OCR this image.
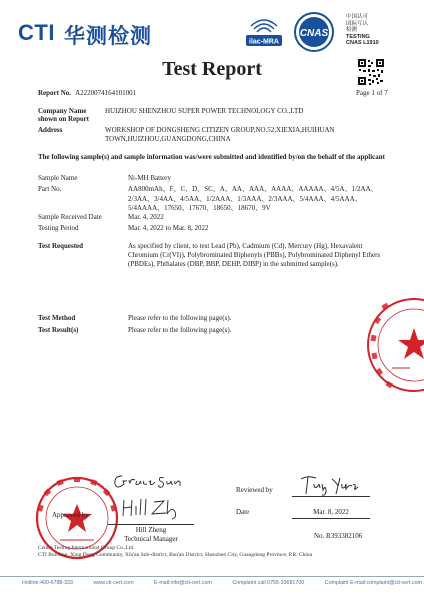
CTI 华测检测	ilac-MRA
CNAS
中国认可
国际互认
检测
TESTING
CNAS L1910
Test Report
Report No. A2220074164101001	Page 1 of 7
Company Name shown on Report
HUIZHOU SHENZHOU SUPER POWER TECHNOLOGY CO.,LTD
Address	WORKSHOP OF DONGSHENG CITIZEN GROUP,NO.52,XIEXIA,HUIHUAN TOWN,HUIZHOU,GUANGDONG,CHINA
The following sample(s) and sample information was/were submitted and identified by/on the behalf of the applicant
Sample Name	Ni-MH Battery
Part No.	AA800mAh、F、C、D、SC、A、AA、AAA、AAAA、AAAAA、4/5A、1/2AA、2/3AA、3/4AA、4/5AA、1/2AAA、1/3AAA、2/3AAA、5/4AAA、4/5AAA、5/4AAAA、17650、17670、18650、18670、9V
Sample Received Date	Mar. 4, 2022
Testing Period	Mar. 4, 2022 to Mar. 8, 2022
Test Requested	As specified by client, to test Lead (Pb), Cadmium (Cd), Mercury (Hg), Hexavalent Chromium (Cr(VI)), Polybrominated Biphenyls (PBBs), Polybrominated Diphenyl Ethers (PBDEs), Phthalates (DBP, BBP, DEHP, DIBP) in the submitted sample(s).
Test Method	Please refer to the following page(s).
Test Result(s)	Please refer to the following page(s).
Approved by
Hill Zheng
Technical Manager
Reviewed by
Date	Mar. 8, 2022
No. R393382106
Centre Testing International Group Co.,Ltd.
CTI Building, Xing Dong Community, Xin'an Sub-district, Bao'an District, Shenzhen City, Guangdong Province, P.R. China
Hotline:400-6788-333	www.cti-cert.com	E-mail:info@cti-cert.com	Complaint call:0755-33681700	Complaint E-mail:complaint@cti-cert.com
